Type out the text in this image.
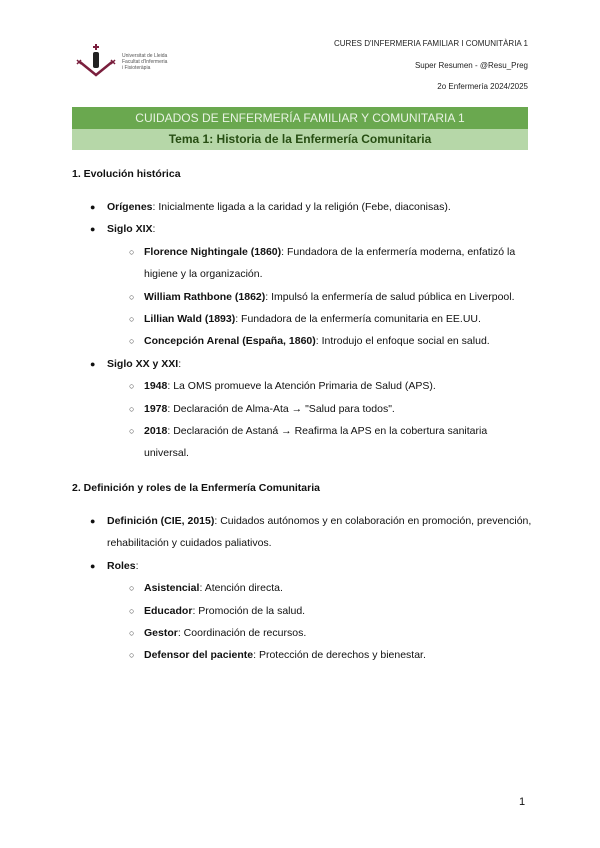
Universitat de Lleida
Facultat d'Infermeria
i Fisioteràpia
CURES D'INFERMERIA FAMILIAR I COMUNITÀRIA 1
Super Resumen - @Resu_Preg
2o Enfermería 2024/2025
CUIDADOS DE ENFERMERÍA FAMILIAR Y COMUNITARIA 1
Tema 1: Historia de la Enfermería Comunitaria
1. Evolución histórica
● Orígenes: Inicialmente ligada a la caridad y la religión (Febe, diaconisas).
● Siglo XIX:
○ Florence Nightingale (1860): Fundadora de la enfermería moderna, enfatizó la higiene y la organización.
○ William Rathbone (1862): Impulsó la enfermería de salud pública en Liverpool.
○ Lillian Wald (1893): Fundadora de la enfermería comunitaria en EE.UU.
○ Concepción Arenal (España, 1860): Introdujo el enfoque social en salud.
● Siglo XX y XXI:
○ 1948: La OMS promueve la Atención Primaria de Salud (APS).
○ 1978: Declaración de Alma-Ata → "Salud para todos".
○ 2018: Declaración de Astaná → Reafirma la APS en la cobertura sanitaria universal.
2. Definición y roles de la Enfermería Comunitaria
● Definición (CIE, 2015): Cuidados autónomos y en colaboración en promoción, prevención, rehabilitación y cuidados paliativos.
● Roles:
○ Asistencial: Atención directa.
○ Educador: Promoción de la salud.
○ Gestor: Coordinación de recursos.
○ Defensor del paciente: Protección de derechos y bienestar.
1
